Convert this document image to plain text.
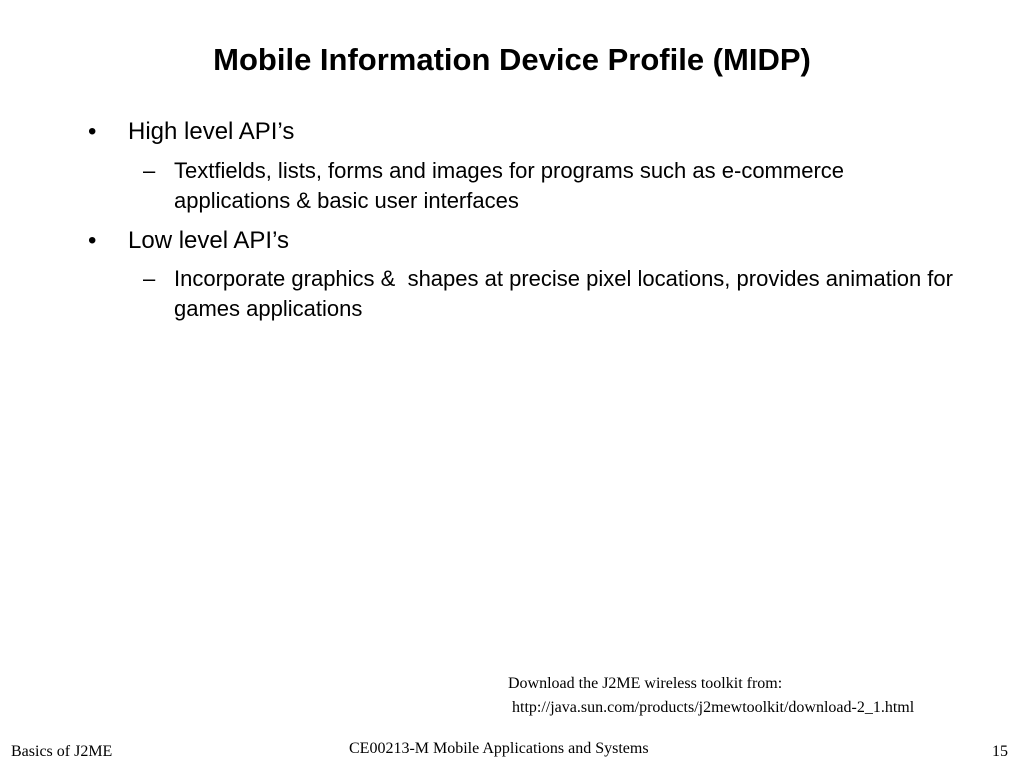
Mobile Information Device Profile (MIDP)
• High level API’s
– Textfields, lists, forms and images for programs such as e-commerce applications & basic user interfaces
• Low level API’s
– Incorporate graphics &  shapes at precise pixel locations, provides animation for games applications
Download the J2ME wireless toolkit from:
http://java.sun.com/products/j2mewtoolkit/download-2_1.html
Basics of J2ME	CE00213-M Mobile Applications and Systems	15
